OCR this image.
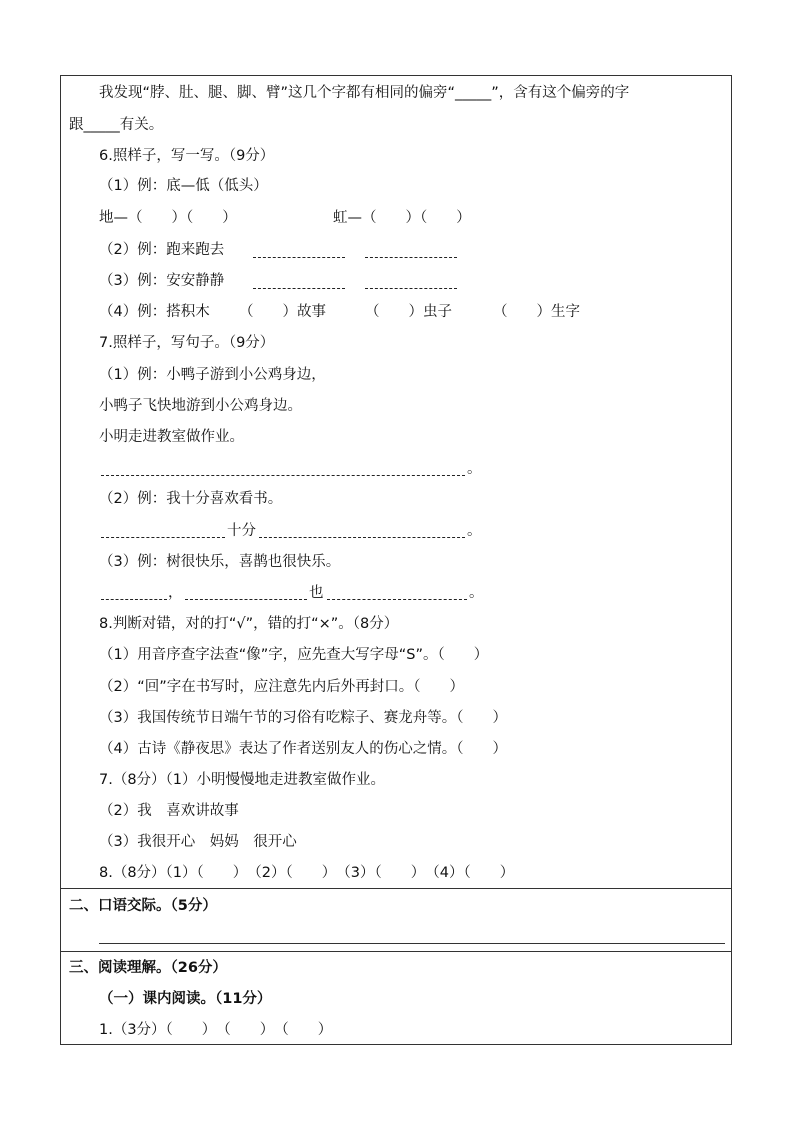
我发现“脖、肚、腿、脚、臂”这几个字都有相同的偏旁“_____”，含有这个偏旁的字
跟_____有关。
6.照样子，写一写。（9分）
（1）例：底—低（低头）
地—（　　）（　　）	虹—（　　）（　　）
（2）例：跑来跑去
（3）例：安安静静
（4）例：搭积木 （　　）故事	（　　）虫子	（　　）生字
7.照样子，写句子。（9分）
（1）例：小鸭子游到小公鸡身边，
小鸭子飞快地游到小公鸡身边。
小明走进教室做作业。
。
（2）例：我十分喜欢看书。
十分	。
（3）例：树很快乐，喜鹊也很快乐。
，	也	。
8.判断对错，对的打“√”，错的打“×”。（8分）
（1）用音序查字法查“像”字，应先查大写字母“S”。（　　）
（2）“回”字在书写时，应注意先内后外再封口。（　　）
（3）我国传统节日端午节的习俗有吃粽子、赛龙舟等。（　　）
（4）古诗《静夜思》表达了作者送别友人的伤心之情。（　　）
7.（8分）（1）小明慢慢地走进教室做作业。
（2）我　喜欢讲故事
（3）我很开心　妈妈　很开心
8.（8分）（1）（　　）　（2）（　　）　（3）（　　）　（4）（　　）
二、口语交际。（5分）
三、阅读理解。（26分）
（一）课内阅读。（11分）
1.（3分）（　　）　（　　）　（　　）
